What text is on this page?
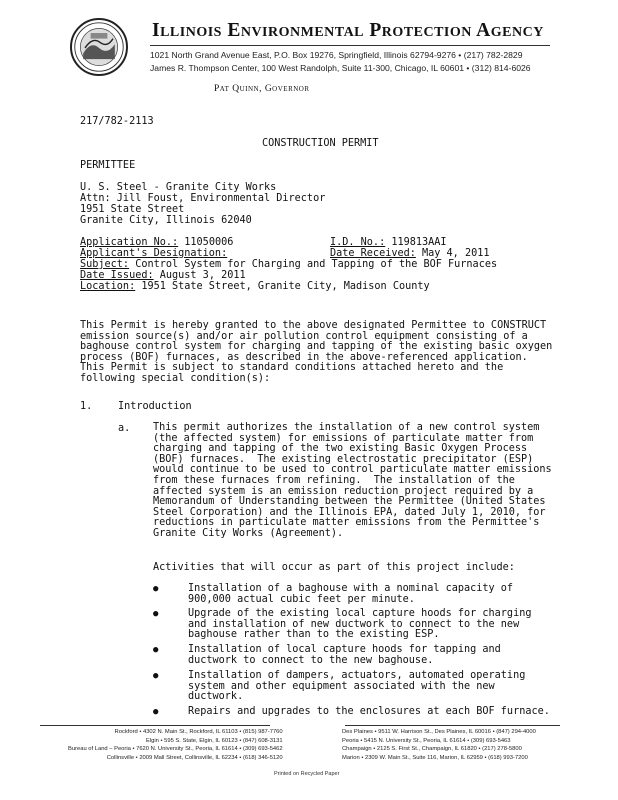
Illinois Environmental Protection Agency
1021 North Grand Avenue East, P.O. Box 19276, Springfield, Illinois 62794-9276 • (217) 782-2829
James R. Thompson Center, 100 West Randolph, Suite 11-300, Chicago, IL 60601 • (312) 814-6026
Pat Quinn, Governor
217/782-2113
CONSTRUCTION PERMIT
PERMITTEE
U. S. Steel - Granite City Works
Attn: Jill Foust, Environmental Director
1951 State Street
Granite City, Illinois 62040
Application No.: 11050006	I.D. No.: 119813AAI
Applicant's Designation:	Date Received: May 4, 2011
Subject: Control System for Charging and Tapping of the BOF Furnaces
Date Issued: August 3, 2011
Location: 1951 State Street, Granite City, Madison County
This Permit is hereby granted to the above designated Permittee to CONSTRUCT
emission source(s) and/or air pollution control equipment consisting of a
baghouse control system for charging and tapping of the existing basic oxygen
process (BOF) furnaces, as described in the above-referenced application.
This Permit is subject to standard conditions attached hereto and the
following special condition(s):
1.	Introduction
a. This permit authorizes the installation of a new control system
(the affected system) for emissions of particulate matter from
charging and tapping of the two existing Basic Oxygen Process
(BOF) furnaces.  The existing electrostatic precipitator (ESP)
would continue to be used to control particulate matter emissions
from these furnaces from refining.  The installation of the
affected system is an emission reduction project required by a
Memorandum of Understanding between the Permittee (United States
Steel Corporation) and the Illinois EPA, dated July 1, 2010, for
reductions in particulate matter emissions from the Permittee's
Granite City Works (Agreement).
Activities that will occur as part of this project include:
●	Installation of a baghouse with a nominal capacity of
900,000 actual cubic feet per minute.
●	Upgrade of the existing local capture hoods for charging
and installation of new ductwork to connect to the new
baghouse rather than to the existing ESP.
●	Installation of local capture hoods for tapping and
ductwork to connect to the new baghouse.
●	Installation of dampers, actuators, automated operating
system and other equipment associated with the new
ductwork.
●	Repairs and upgrades to the enclosures at each BOF furnace.
Rockford • 4302 N. Main St., Rockford, IL 61103 • (815) 987-7760
Elgin • 595 S. State, Elgin, IL 60123 • (847) 608-3131
Bureau of Land – Peoria • 7620 N. University St., Peoria, IL 61614 • (309) 693-5462
Collinsville • 2009 Mall Street, Collinsville, IL 62234 • (618) 346-5120
Des Plaines • 9511 W. Harrison St., Des Plaines, IL 60016 • (847) 294-4000
Peoria • 5415 N. University St., Peoria, IL 61614 • (309) 693-5463
Champaign • 2125 S. First St., Champaign, IL 61820 • (217) 278-5800
Marion • 2309 W. Main St., Suite 116, Marion, IL 62959 • (618) 993-7200
Printed on Recycled Paper
